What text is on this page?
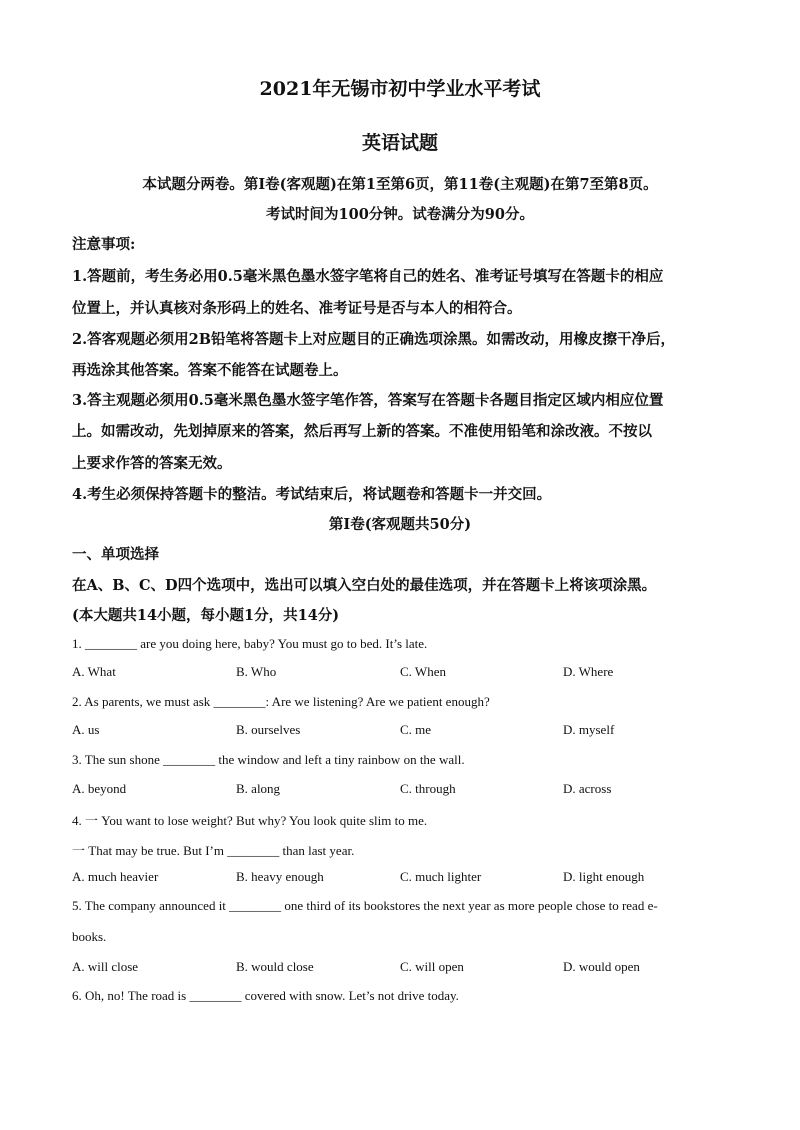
2021年无锡市初中学业水平考试
英语试题
本试题分两卷。第Ⅰ卷(客观题)在第1至第6页，第11卷(主观题)在第7至第8页。
考试时间为100分钟。试卷满分为90分。
注意事项:
1.答题前，考生务必用0.5毫米黑色墨水签字笔将自己的姓名、准考证号填写在答题卡的相应
位置上，并认真核对条形码上的姓名、准考证号是否与本人的相符合。
2.答客观题必须用2B铅笔将答题卡上对应题目的正确选项涂黑。如需改动，用橡皮擦干净后，
再选涂其他答案。答案不能答在试题卷上。
3.答主观题必须用0.5毫米黑色墨水签字笔作答，答案写在答题卡各题目指定区域内相应位置
上。如需改动，先划掉原来的答案，然后再写上新的答案。不准使用铅笔和涂改液。不按以
上要求作答的答案无效。
4.考生必须保持答题卡的整洁。考试结束后，将试题卷和答题卡一并交回。
第Ⅰ卷(客观题共50分)
一、单项选择
在A、B、C、D四个选项中，选出可以填入空白处的最佳选项，并在答题卡上将该项涂黑。
(本大题共14小题，每小题1分，共14分)
1. ________ are you doing here, baby? You must go to bed. It’s late.
A. What	B. Who	C. When	D. Where
2. As parents, we must ask ________: Are we listening? Are we patient enough?
A. us	B. ourselves	C. me	D. myself
3. The sun shone ________ the window and left a tiny rainbow on the wall.
A. beyond	B. along	C. through	D. across
4. 一 You want to lose weight? But why? You look quite slim to me.
一 That may be true. But I’m ________ than last year.
A. much heavier	B. heavy enough	C. much lighter	D. light enough
5. The company announced it ________ one third of its bookstores the next year as more people chose to read e-
books.
A. will close	B. would close	C. will open	D. would open
6. Oh, no! The road is ________ covered with snow. Let’s not drive today.
